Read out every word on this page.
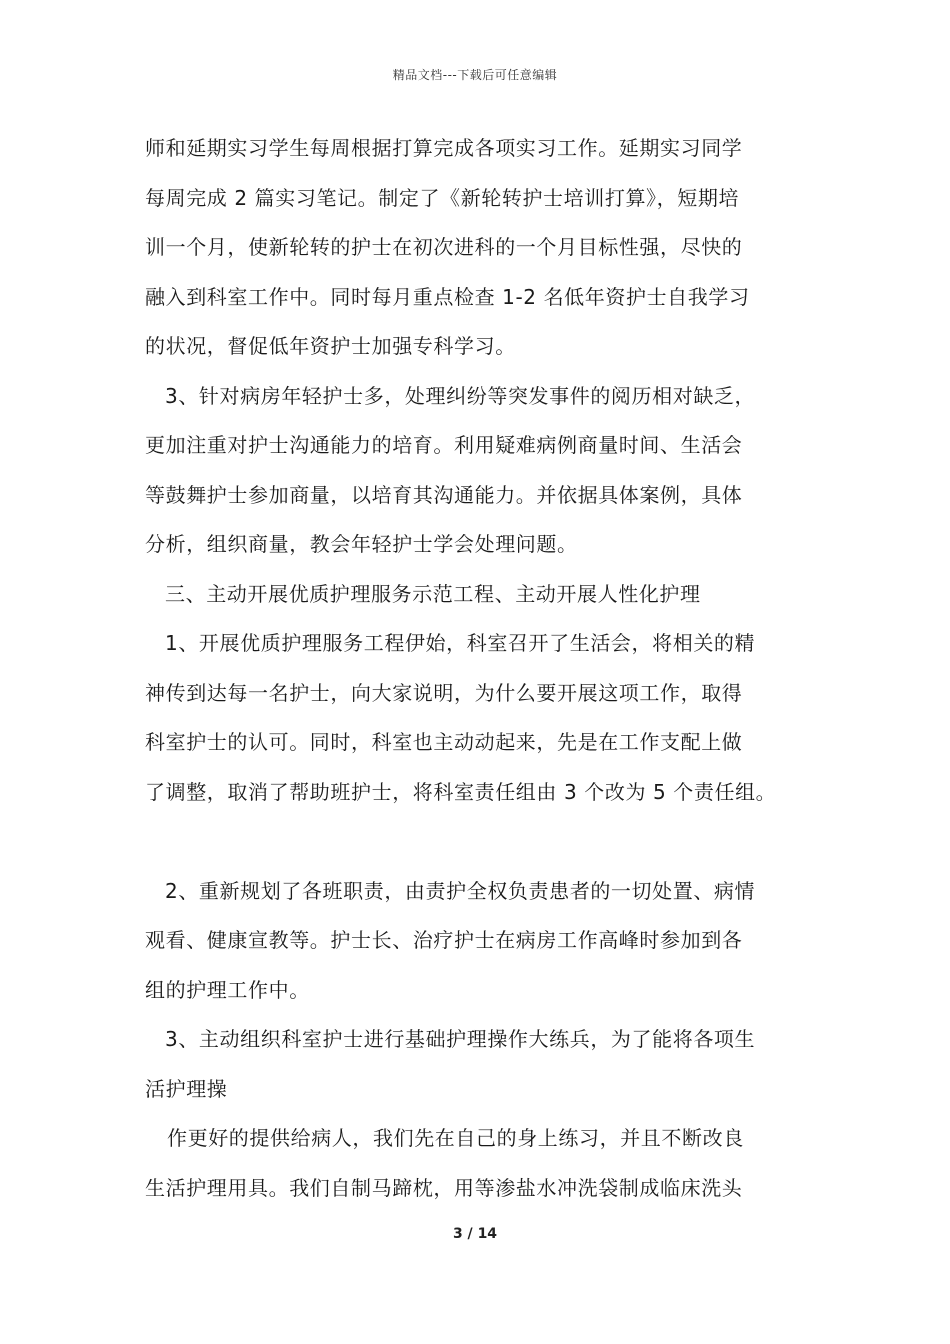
精品文档---下载后可任意编辑
师和延期实习学生每周根据打算完成各项实习工作。延期实习同学
每周完成 2 篇实习笔记。制定了《新轮转护士培训打算》，短期培
训一个月，使新轮转的护士在初次进科的一个月目标性强，尽快的
融入到科室工作中。同时每月重点检查 1-2 名低年资护士自我学习
的状况，督促低年资护士加强专科学习。
3、针对病房年轻护士多，处理纠纷等突发事件的阅历相对缺乏，
更加注重对护士沟通能力的培育。利用疑难病例商量时间、生活会
等鼓舞护士参加商量，以培育其沟通能力。并依据具体案例，具体
分析，组织商量，教会年轻护士学会处理问题。
三、主动开展优质护理服务示范工程、主动开展人性化护理
1、开展优质护理服务工程伊始，科室召开了生活会，将相关的精
神传到达每一名护士，向大家说明，为什么要开展这项工作，取得
科室护士的认可。同时，科室也主动动起来，先是在工作支配上做
了调整，取消了帮助班护士，将科室责任组由 3 个改为 5 个责任组。
2、重新规划了各班职责，由责护全权负责患者的一切处置、病情
观看、健康宣教等。护士长、治疗护士在病房工作高峰时参加到各
组的护理工作中。
3、主动组织科室护士进行基础护理操作大练兵，为了能将各项生
活护理操
作更好的提供给病人，我们先在自己的身上练习，并且不断改良
生活护理用具。我们自制马蹄枕，用等渗盐水冲洗袋制成临床洗头
3 / 14
